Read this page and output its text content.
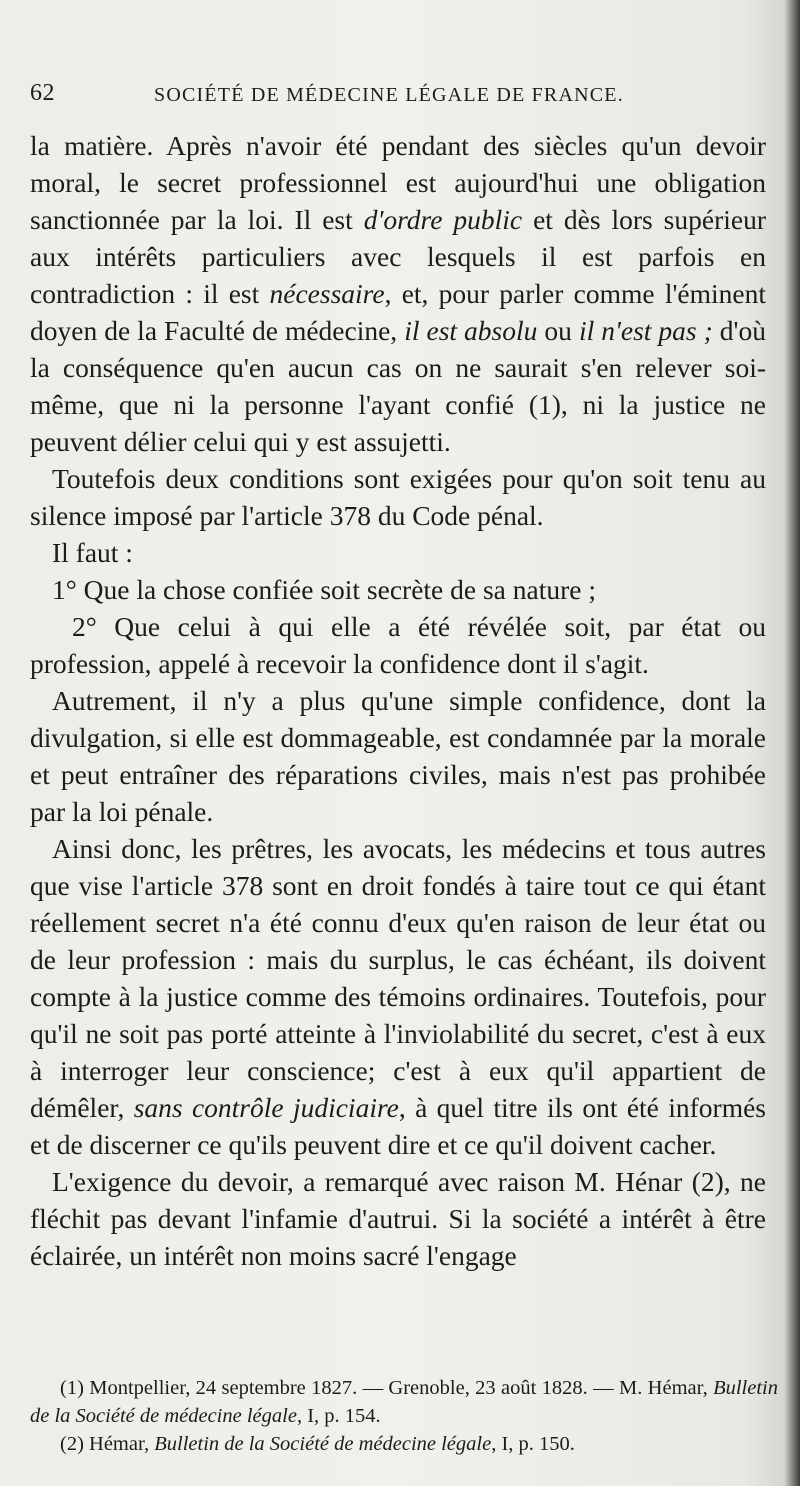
62	SOCIÉTÉ DE MÉDECINE LÉGALE DE FRANCE.

la matière. Après n'avoir été pendant des siècles qu'un devoir moral, le secret professionnel est aujourd'hui une obligation sanctionnée par la loi. Il est d'ordre public et dès lors supérieur aux intérêts particuliers avec lesquels il est parfois en contradiction : il est nécessaire, et, pour parler comme l'éminent doyen de la Faculté de médecine, il est absolu ou il n'est pas ; d'où la conséquence qu'en aucun cas on ne saurait s'en relever soi-même, que ni la personne l'ayant confié (1), ni la justice ne peuvent délier celui qui y est assujetti.

Toutefois deux conditions sont exigées pour qu'on soit tenu au silence imposé par l'article 378 du Code pénal.

Il faut :

1° Que la chose confiée soit secrète de sa nature ;

2° Que celui à qui elle a été révélée soit, par état ou profession, appelé à recevoir la confidence dont il s'agit.

Autrement, il n'y a plus qu'une simple confidence, dont la divulgation, si elle est dommageable, est condamnée par la morale et peut entraîner des réparations civiles, mais n'est pas prohibée par la loi pénale.

Ainsi donc, les prêtres, les avocats, les médecins et tous autres que vise l'article 378 sont en droit fondés à taire tout ce qui étant réellement secret n'a été connu d'eux qu'en raison de leur état ou de leur profession : mais du surplus, le cas échéant, ils doivent compte à la justice comme des témoins ordinaires. Toutefois, pour qu'il ne soit pas porté atteinte à l'inviolabilité du secret, c'est à eux à interroger leur conscience; c'est à eux qu'il appartient de démêler, sans contrôle judiciaire, à quel titre ils ont été informés et de discerner ce qu'ils peuvent dire et ce qu'il doivent cacher.

L'exigence du devoir, a remarqué avec raison M. Hénar (2), ne fléchit pas devant l'infamie d'autrui. Si la société a intérêt à être éclairée, un intérêt non moins sacré l'engage

(1) Montpellier, 24 septembre 1827. — Grenoble, 23 août 1828. — M. Hémar, Bulletin de la Société de médecine légale, I, p. 154.

(2) Hémar, Bulletin de la Société de médecine légale, I, p. 150.
